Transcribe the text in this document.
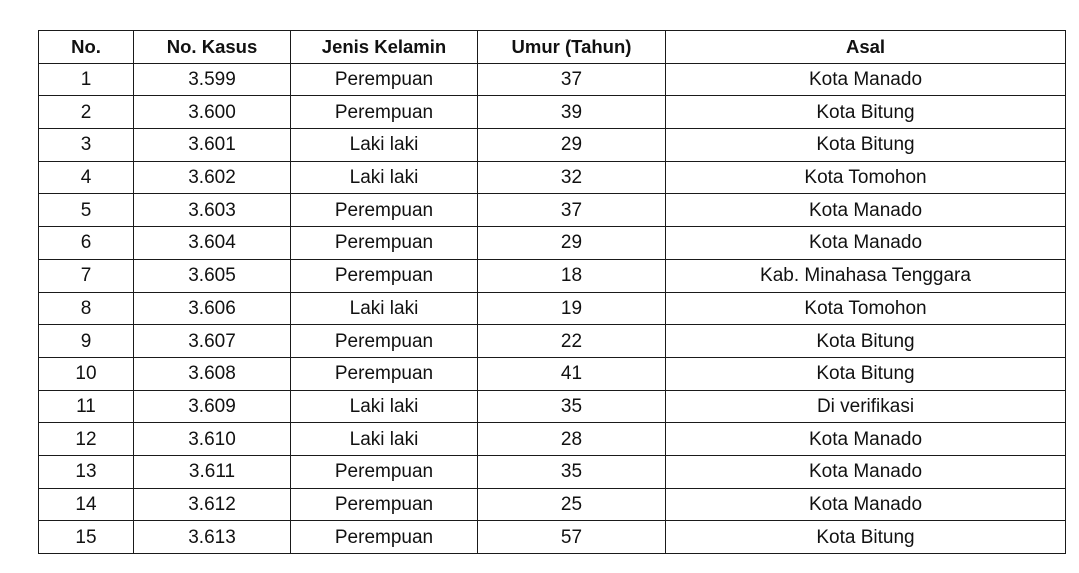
No.	No. Kasus	Jenis Kelamin	Umur (Tahun)	Asal
1	3.599	Perempuan	37	Kota Manado
2	3.600	Perempuan	39	Kota Bitung
3	3.601	Laki laki	29	Kota Bitung
4	3.602	Laki laki	32	Kota Tomohon
5	3.603	Perempuan	37	Kota Manado
6	3.604	Perempuan	29	Kota Manado
7	3.605	Perempuan	18	Kab. Minahasa Tenggara
8	3.606	Laki laki	19	Kota Tomohon
9	3.607	Perempuan	22	Kota Bitung
10	3.608	Perempuan	41	Kota Bitung
11	3.609	Laki laki	35	Di verifikasi
12	3.610	Laki laki	28	Kota Manado
13	3.611	Perempuan	35	Kota Manado
14	3.612	Perempuan	25	Kota Manado
15	3.613	Perempuan	57	Kota Bitung
